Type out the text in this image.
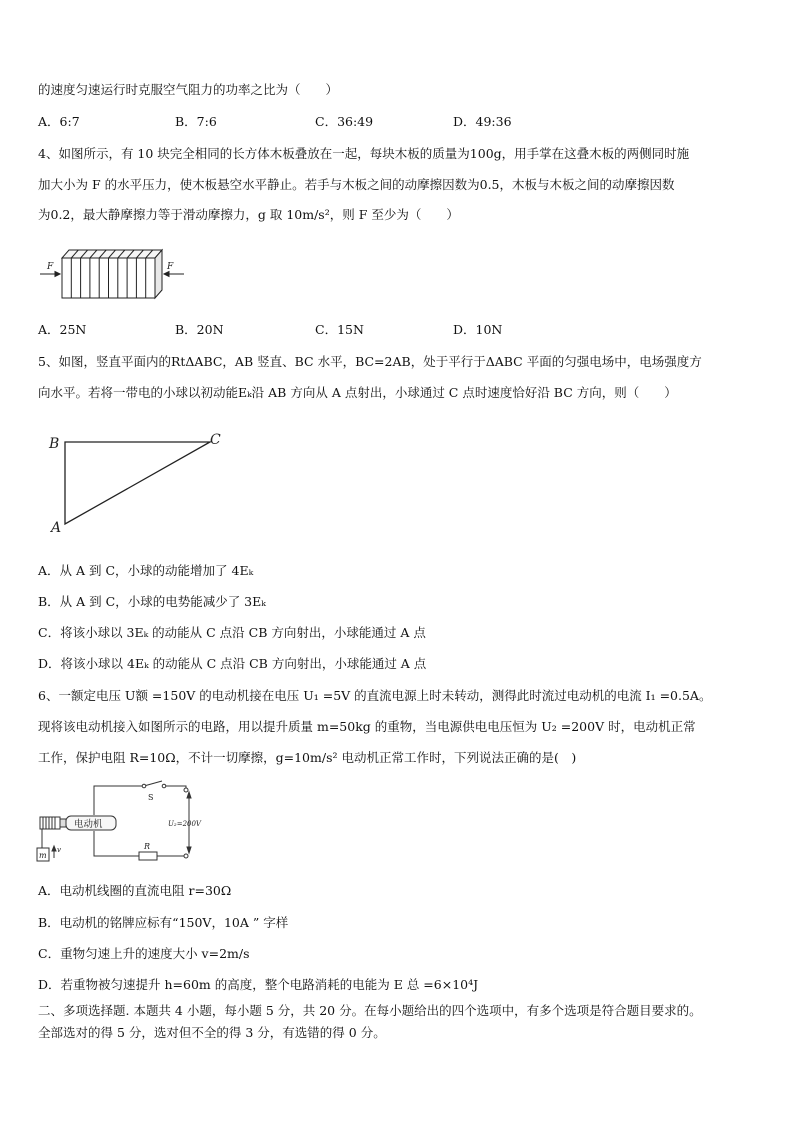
的速度匀速运行时克服空气阻力的功率之比为（　　）
A．6:7	B．7:6	C．36:49	D．49:36
4、如图所示，有 10 块完全相同的长方体木板叠放在一起，每块木板的质量为100g，用手掌在这叠木板的两侧同时施
加大小为 F 的水平压力，使木板悬空水平静止。若手与木板之间的动摩擦因数为0.5，木板与木板之间的动摩擦因数
为0.2，最大静摩擦力等于滑动摩擦力，g 取 10m/s²，则 F 至少为（　　）
F	F
A．25N	B．20N	C．15N	D．10N
5、如图，竖直平面内的RtΔABC，AB 竖直、BC 水平，BC=2AB，处于平行于ΔABC 平面的匀强电场中，电场强度方
向水平。若将一带电的小球以初动能Eₖ沿 AB 方向从 A 点射出，小球通过 C 点时速度恰好沿 BC 方向，则（　　）
B	C
A
A．从 A 到 C，小球的动能增加了 4Eₖ
B．从 A 到 C，小球的电势能减少了 3Eₖ
C．将该小球以 3Eₖ 的动能从 C 点沿 CB 方向射出，小球能通过 A 点
D．将该小球以 4Eₖ 的动能从 C 点沿 CB 方向射出，小球能通过 A 点
6、一额定电压 U额 =150V 的电动机接在电压 U₁ =5V 的直流电源上时未转动，测得此时流过电动机的电流 I₁ =0.5A。
现将该电动机接入如图所示的电路，用以提升质量 m=50kg 的重物，当电源供电电压恒为 U₂ =200V 时，电动机正常
工作，保护电阻 R=10Ω，不计一切摩擦，g=10m/s² 电动机正常工作时，下列说法正确的是(　)
电动机
S
U₂=200V
R
m
v
A．电动机线圈的直流电阻 r=30Ω
B．电动机的铭牌应标有“150V，10A ” 字样
C．重物匀速上升的速度大小 v=2m/s
D．若重物被匀速提升 h=60m 的高度，整个电路消耗的电能为 E 总 =6×10⁴J
二、多项选择题. 本题共 4 小题，每小题 5 分，共 20 分。在每小题给出的四个选项中，有多个选项是符合题目要求的。
全部选对的得 5 分，选对但不全的得 3 分，有选错的得 0 分。
